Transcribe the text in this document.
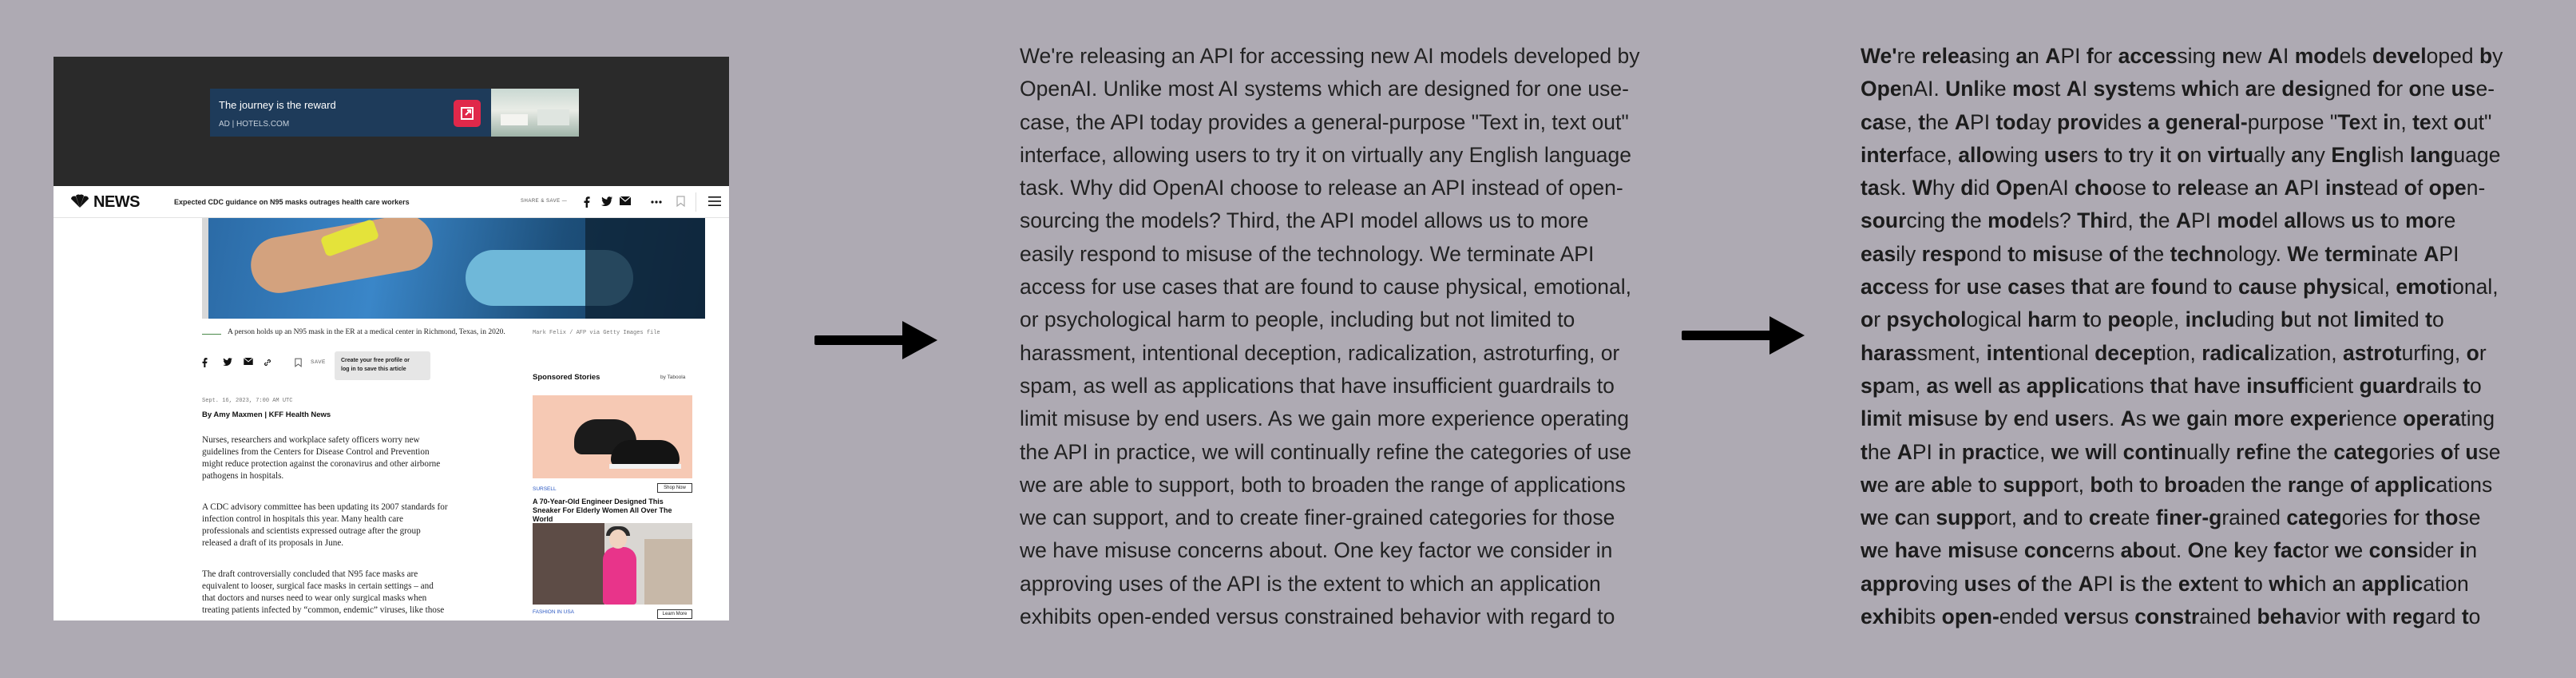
The journey is the reward
AD | HOTELS.COM
NEWS	Expected CDC guidance on N95 masks outrages health care workers	SHARE & SAVE —
A person holds up an N95 mask in the ER at a medical center in Richmond, Texas, in 2020.	Mark Felix / AFP via Getty Images file
SAVE	Create your free profile or
log in to save this article
Sept. 16, 2023, 7:00 AM UTC
By Amy Maxmen | KFF Health News
Nurses, researchers and workplace safety officers worry new
guidelines from the Centers for Disease Control and Prevention
might reduce protection against the coronavirus and other airborne
pathogens in hospitals.
A CDC advisory committee has been updating its 2007 standards for
infection control in hospitals this year. Many health care
professionals and scientists expressed outrage after the group
released a draft of its proposals in June.
The draft controversially concluded that N95 face masks are
equivalent to looser, surgical face masks in certain settings – and
that doctors and nurses need to wear only surgical masks when
treating patients infected by “common, endemic” viruses, like those
Sponsored Stories	by Taboola
SURSELL	Shop Now
A 70-Year-Old Engineer Designed This Sneaker For Elderly Women All Over The World
FASHION IN USA	Learn More
We're releasing an API for accessing new AI models developed by
OpenAI. Unlike most AI systems which are designed for one use-
case, the API today provides a general-purpose "Text in, text out"
interface, allowing users to try it on virtually any English language
task. Why did OpenAI choose to release an API instead of open-
sourcing the models? Third, the API model allows us to more
easily respond to misuse of the technology. We terminate API
access for use cases that are found to cause physical, emotional,
or psychological harm to people, including but not limited to
harassment, intentional deception, radicalization, astroturfing, or
spam, as well as applications that have insufficient guardrails to
limit misuse by end users. As we gain more experience operating
the API in practice, we will continually refine the categories of use
we are able to support, both to broaden the range of applications
we can support, and to create finer-grained categories for those
we have misuse concerns about. One key factor we consider in
approving uses of the API is the extent to which an application
exhibits open-ended versus constrained behavior with regard to
We're releasing an API for accessing new AI models developed by
OpenAI. Unlike most AI systems which are designed for one use-
case, the API today provides a general-purpose "Text in, text out"
interface, allowing users to try it on virtually any English language
task. Why did OpenAI choose to release an API instead of open-
sourcing the models? Third, the API model allows us to more
easily respond to misuse of the technology. We terminate API
access for use cases that are found to cause physical, emotional,
or psychological harm to people, including but not limited to
harassment, intentional deception, radicalization, astroturfing, or
spam, as well as applications that have insufficient guardrails to
limit misuse by end users. As we gain more experience operating
the API in practice, we will continually refine the categories of use
we are able to support, both to broaden the range of applications
we can support, and to create finer-grained categories for those
we have misuse concerns about. One key factor we consider in
approving uses of the API is the extent to which an application
exhibits open-ended versus constrained behavior with regard to
